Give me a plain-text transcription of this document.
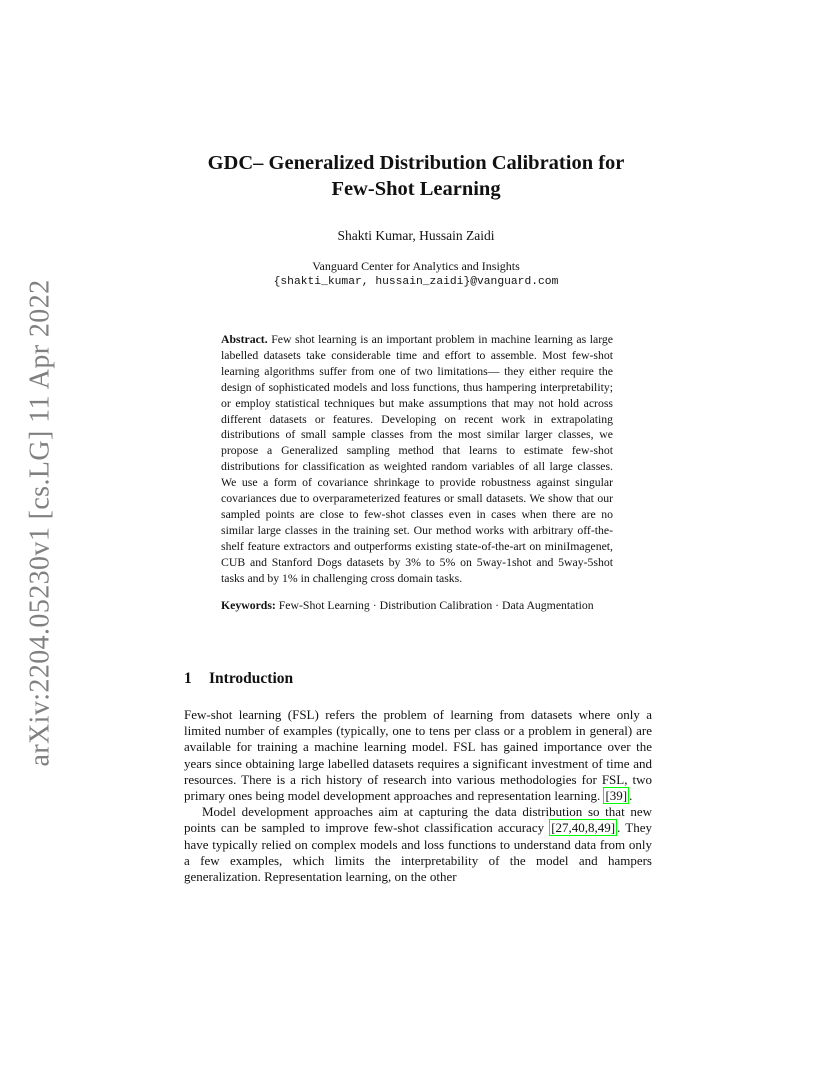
arXiv:2204.05230v1 [cs.LG] 11 Apr 2022
GDC– Generalized Distribution Calibration for
Few-Shot Learning
Shakti Kumar, Hussain Zaidi
Vanguard Center for Analytics and Insights
{shakti_kumar, hussain_zaidi}@vanguard.com

Abstract. Few shot learning is an important problem in machine learning as large labelled datasets take considerable time and effort to assemble. Most few-shot learning algorithms suffer from one of two limitations— they either require the design of sophisticated models and loss functions, thus hampering interpretability; or employ statistical techniques but make assumptions that may not hold across different datasets or features. Developing on recent work in extrapolating distributions of small sample classes from the most similar larger classes, we propose a Generalized sampling method that learns to estimate few-shot distributions for classification as weighted random variables of all large classes. We use a form of covariance shrinkage to provide robustness against singular covariances due to overparameterized features or small datasets. We show that our sampled points are close to few-shot classes even in cases when there are no similar large classes in the training set. Our method works with arbitrary off-the-shelf feature extractors and outperforms existing state-of-the-art on miniImagenet, CUB and Stanford Dogs datasets by 3% to 5% on 5way-1shot and 5way-5shot tasks and by 1% in challenging cross domain tasks.

Keywords: Few-Shot Learning · Distribution Calibration · Data Augmentation

1 Introduction

Few-shot learning (FSL) refers the problem of learning from datasets where only a limited number of examples (typically, one to tens per class or a problem in general) are available for training a machine learning model. FSL has gained importance over the years since obtaining large labelled datasets requires a significant investment of time and resources. There is a rich history of research into various methodologies for FSL, two primary ones being model development approaches and representation learning. [39] .

Model development approaches aim at capturing the data distribution so that new points can be sampled to improve few-shot classification accuracy [27,40,8,49] . They have typically relied on complex models and loss functions to understand data from only a few examples, which limits the interpretability of the model and hampers generalization. Representation learning, on the other
